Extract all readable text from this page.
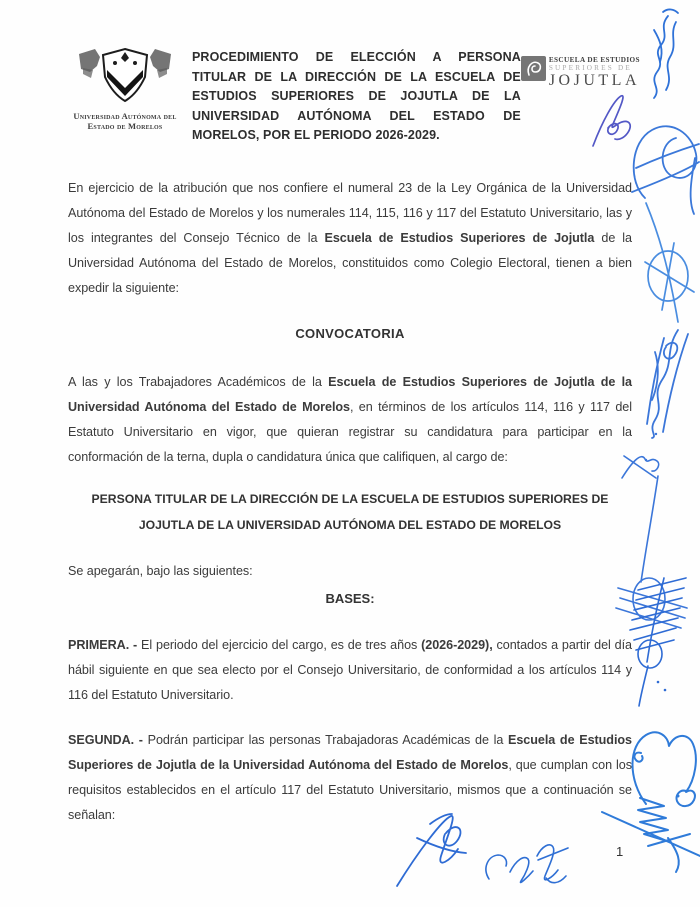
Universidad Autónoma del
Estado de Morelos
PROCEDIMIENTO DE ELECCIÓN A PERSONA TITULAR DE LA DIRECCIÓN DE LA ESCUELA DE ESTUDIOS SUPERIORES DE JOJUTLA DE LA UNIVERSIDAD AUTÓNOMA DEL ESTADO DE MORELOS, POR EL PERIODO 2026-2029.
ESCUELA DE ESTUDIOS
SUPERIORES DE
JOJUTLA

En ejercicio de la atribución que nos confiere el numeral 23 de la Ley Orgánica de la Universidad Autónoma del Estado de Morelos y los numerales 114, 115, 116 y 117 del Estatuto Universitario, las y los integrantes del Consejo Técnico de la Escuela de Estudios Superiores de Jojutla de la Universidad Autónoma del Estado de Morelos, constituidos como Colegio Electoral, tienen a bien expedir la siguiente:

CONVOCATORIA

A las y los Trabajadores Académicos de la Escuela de Estudios Superiores de Jojutla de la Universidad Autónoma del Estado de Morelos, en términos de los artículos 114, 116 y 117 del Estatuto Universitario en vigor, que quieran registrar su candidatura para participar en la conformación de la terna, dupla o candidatura única que califiquen, al cargo de:

PERSONA TITULAR DE LA DIRECCIÓN DE LA ESCUELA DE ESTUDIOS SUPERIORES DE JOJUTLA DE LA UNIVERSIDAD AUTÓNOMA DEL ESTADO DE MORELOS

Se apegarán, bajo las siguientes:

BASES:

PRIMERA. - El periodo del ejercicio del cargo, es de tres años (2026-2029), contados a partir del día hábil siguiente en que sea electo por el Consejo Universitario, de conformidad a los artículos 114 y 116 del Estatuto Universitario.

SEGUNDA. - Podrán participar las personas Trabajadoras Académicas de la Escuela de Estudios Superiores de Jojutla de la Universidad Autónoma del Estado de Morelos, que cumplan con los requisitos establecidos en el artículo 117 del Estatuto Universitario, mismos que a continuación se señalan:

1
